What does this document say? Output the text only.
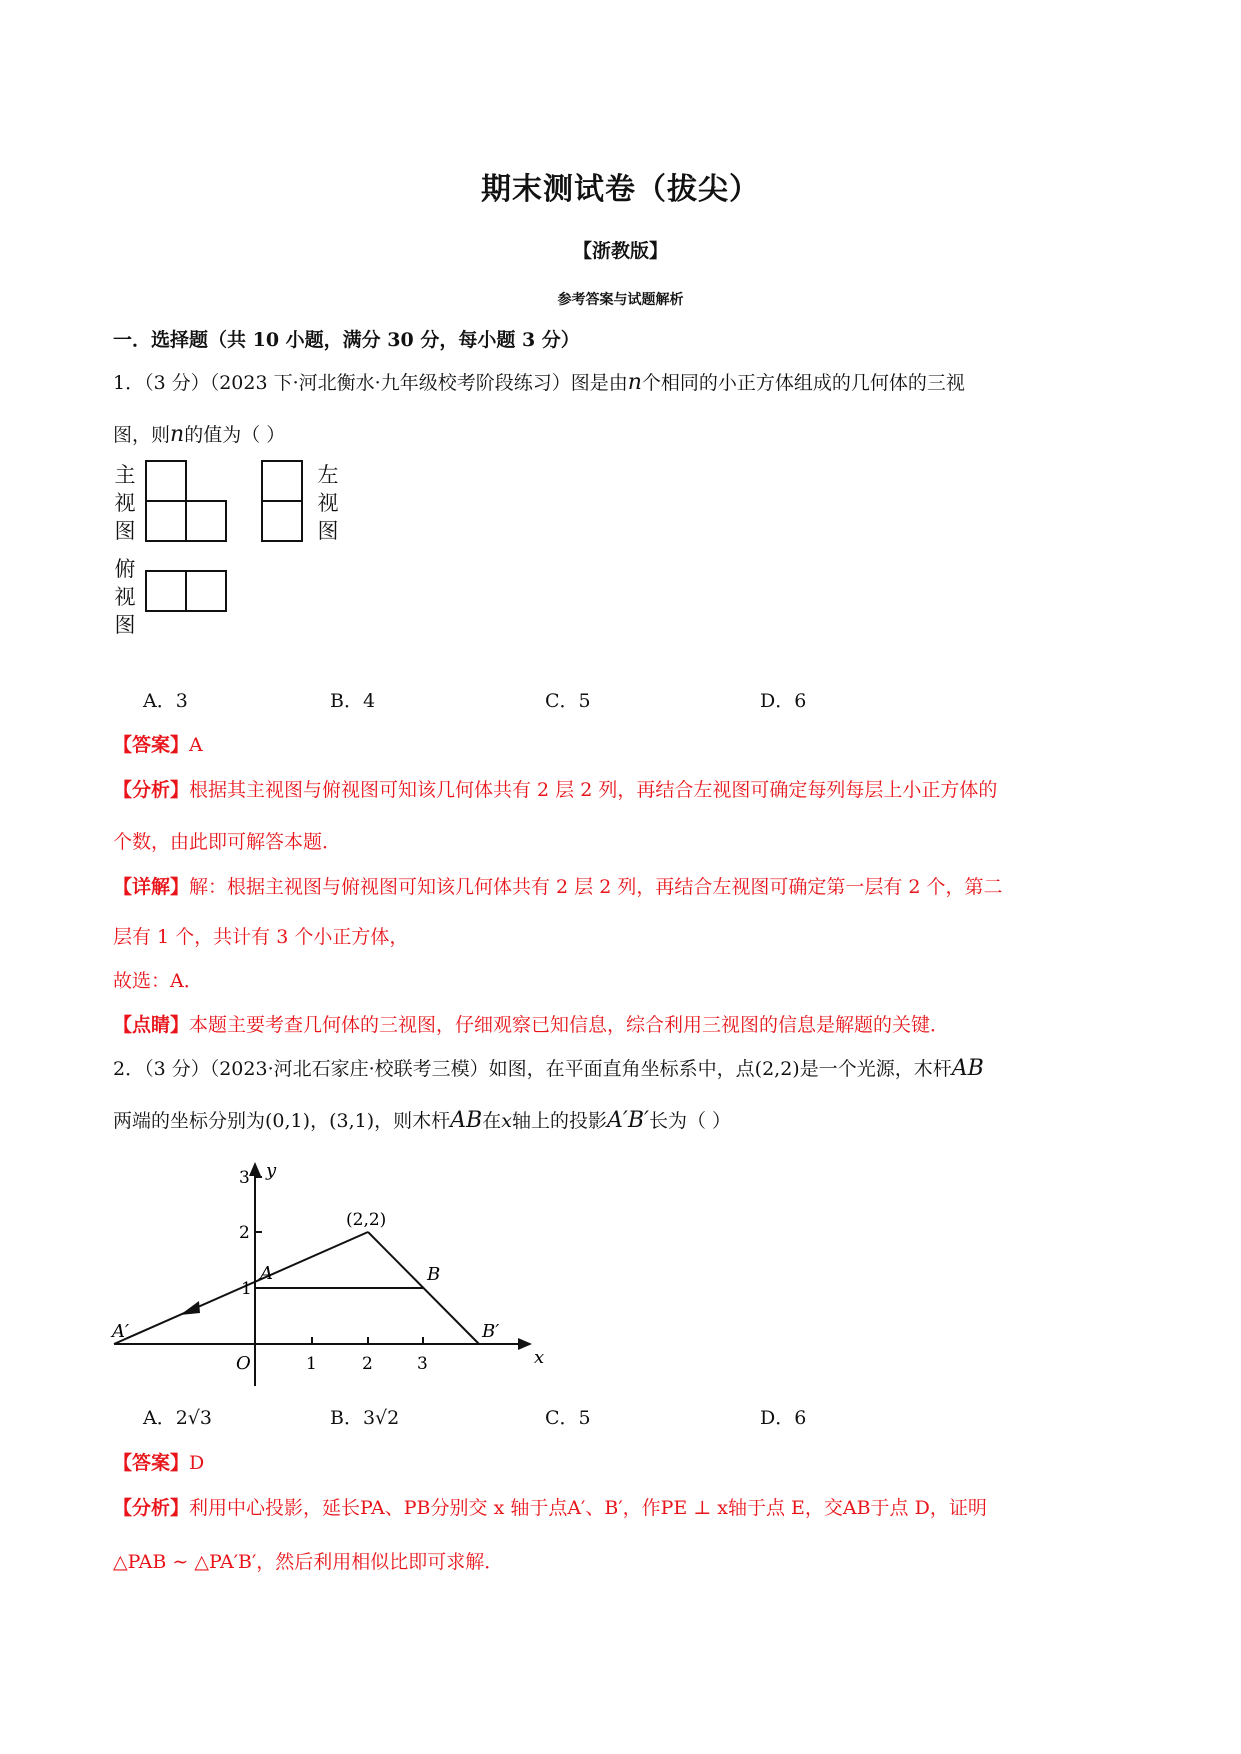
期末测试卷（拔尖）
【浙教版】
参考答案与试题解析
一．选择题（共 10 小题，满分 30 分，每小题 3 分）
1．（3 分）（2023 下·河北衡水·九年级校考阶段练习）图是由n个相同的小正方体组成的几何体的三视
图，则n的值为（ ）
主
视
图
左
视
图
俯
视
图
A．3	B．4	C．5	D．6
【答案】A
【分析】根据其主视图与俯视图可知该几何体共有 2 层 2 列，再结合左视图可确定每列每层上小正方体的
个数，由此即可解答本题．
【详解】解：根据主视图与俯视图可知该几何体共有 2 层 2 列，再结合左视图可确定第一层有 2 个，第二
层有 1 个，共计有 3 个小正方体，
故选：A．
【点睛】本题主要考查几何体的三视图，仔细观察已知信息，综合利用三视图的信息是解题的关键．
2．（3 分）（2023·河北石家庄·校联考三模）如图，在平面直角坐标系中，点(2,2)是一个光源，木杆AB
两端的坐标分别为(0,1)，(3,1)，则木杆AB在x轴上的投影A′B′长为（ ）
x
y
O	1	2	3
1
2
3
(2,2)
A	B
A′	B′
A．2√3	B．3√2	C．5	D．6
【答案】D
【分析】利用中心投影，延长PA、PB分别交 x 轴于点A′、B′，作PE ⊥ x轴于点 E，交AB于点 D，证明
△PAB ∼ △PA′B′，然后利用相似比即可求解．
